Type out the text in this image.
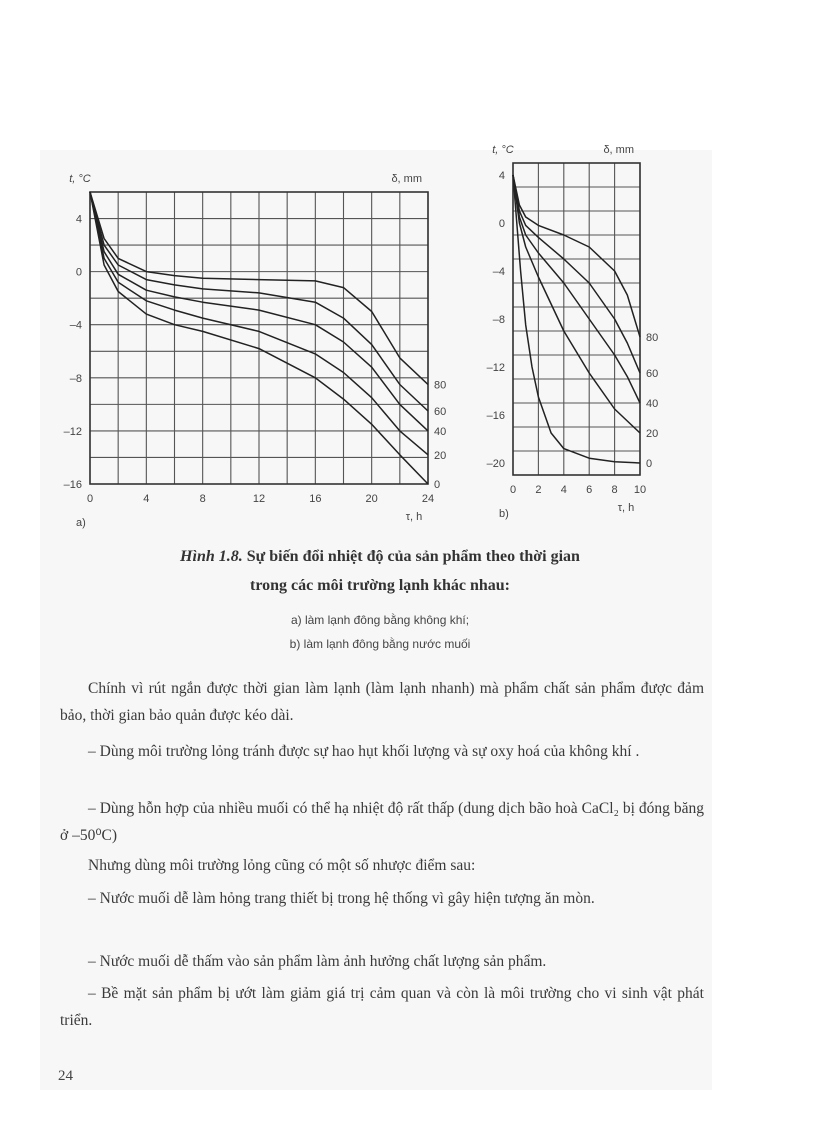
4
0
–4
–8
–12
–16
0	4	8	12	16	20	24
t, °C	δ, mm
τ, h
a)
80
60
40
20
0
4
0
–4
–8
–12
–16
–20
0 2 4 6 8 10
t, °C	δ, mm
τ, h
b)
80
60
40
20
0
Hình 1.8. Sự biến đổi nhiệt độ của sản phẩm theo thời gian
trong các môi trường lạnh khác nhau:
a) làm lạnh đông bằng không khí;
b) làm lạnh đông bằng nước muối
Chính vì rút ngắn được thời gian làm lạnh (làm lạnh nhanh) mà phẩm chất sản phẩm được đảm bảo, thời gian bảo quản được kéo dài.
– Dùng môi trường lỏng tránh được sự hao hụt khối lượng và sự oxy hoá của không khí .
– Dùng hỗn hợp của nhiều muối có thể hạ nhiệt độ rất thấp (dung dịch bão hoà CaCl₂ bị đóng băng ở –50⁰C)
Nhưng dùng môi trường lỏng cũng có một số nhược điểm sau:
– Nước muối dễ làm hỏng trang thiết bị trong hệ thống vì gây hiện tượng ăn mòn.
– Nước muối dễ thấm vào sản phẩm làm ảnh hưởng chất lượng sản phẩm.
– Bề mặt sản phẩm bị ướt làm giảm giá trị cảm quan và còn là môi trường cho vi sinh vật phát triển.
24
